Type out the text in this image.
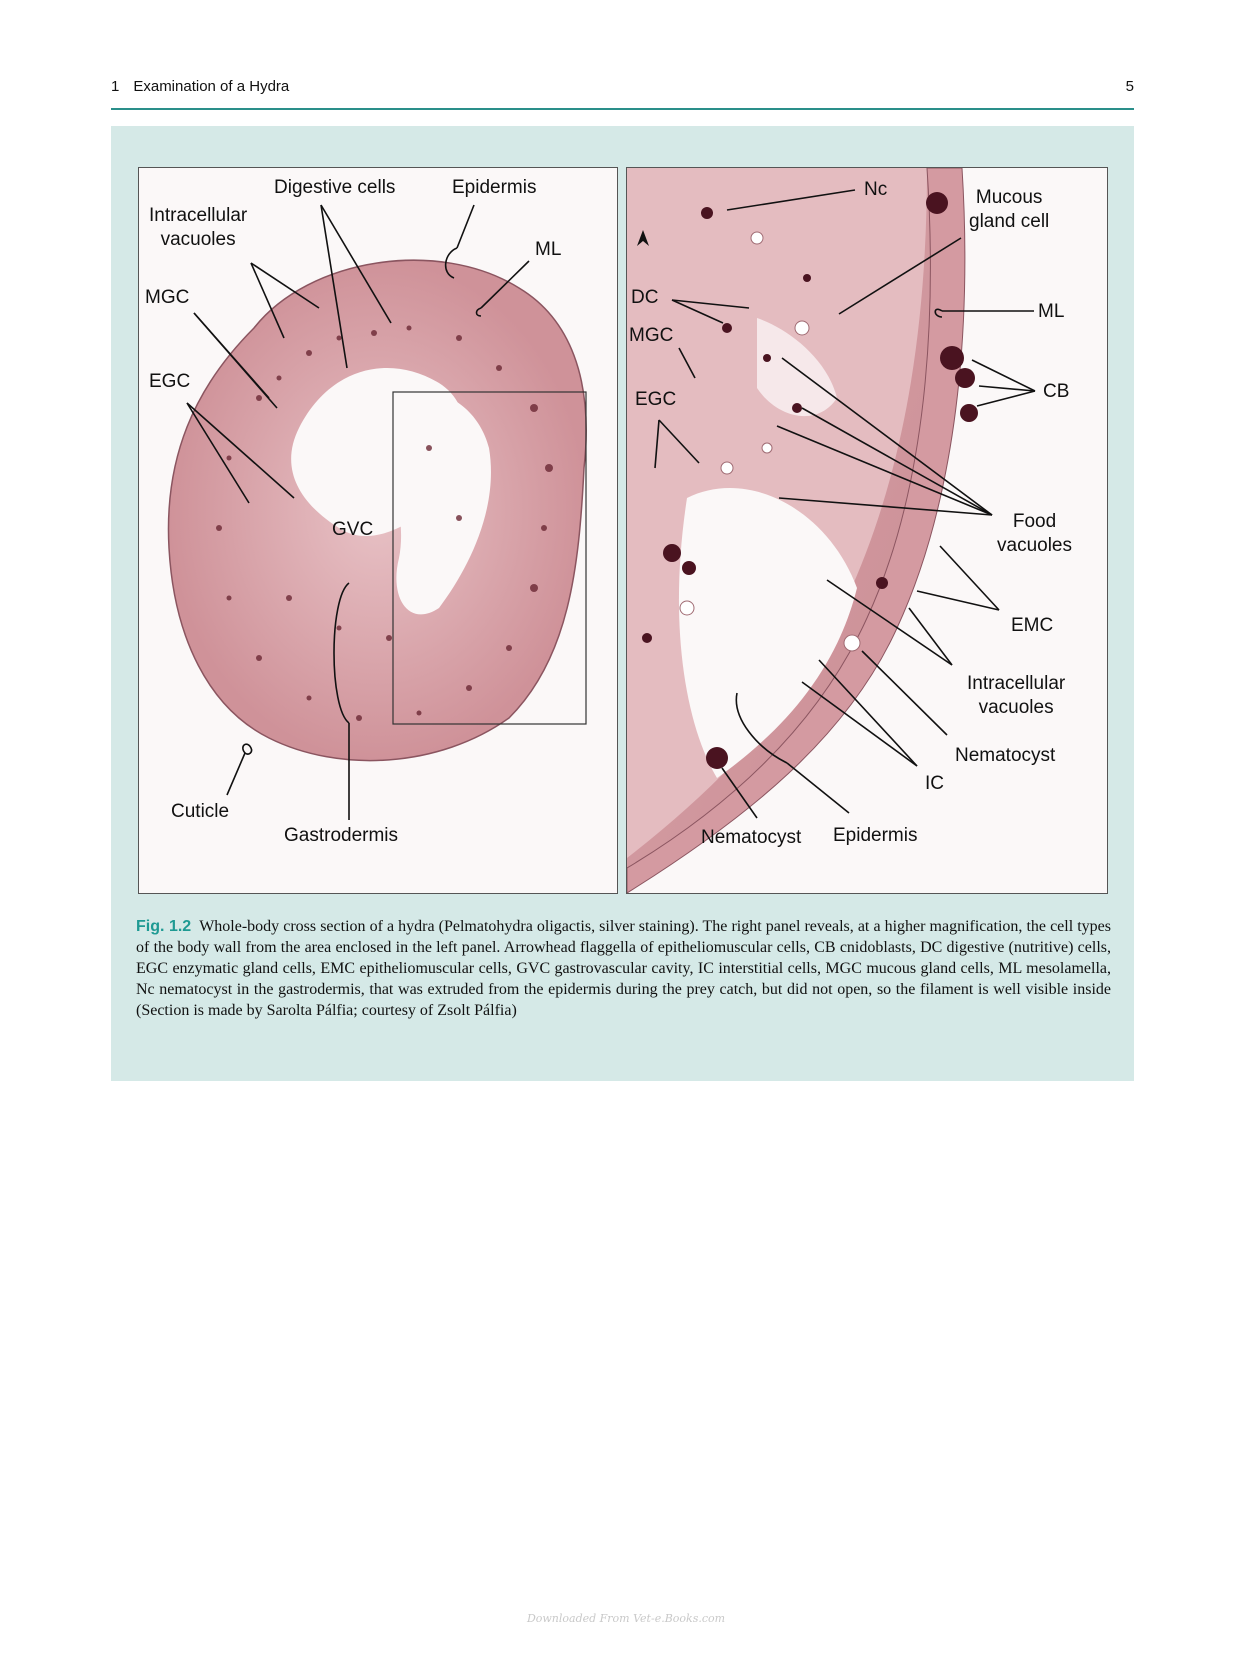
1 Examination of a Hydra	5
Digestive cells	Epidermis
Intracellular
vacuoles	ML
MGC
EGC
GVC
Cuticle
Gastrodermis
Nc	Mucous
gland cell
DC
MGC
ML
EGC	CB
Food
vacuoles
EMC
Intracellular
vacuoles
Nematocyst
IC
Nematocyst Epidermis
Fig. 1.2 Whole-body cross section of a hydra (Pelmatohydra oligactis, silver staining). The right panel reveals, at a higher magnification, the cell types of the body wall from the area enclosed in the left panel. Arrowhead flaggella of epitheliomuscular cells, CB cnidoblasts, DC digestive (nutritive) cells, EGC enzymatic gland cells, EMC epitheliomuscular cells, GVC gastrovascular cavity, IC interstitial cells, MGC mucous gland cells, ML mesolamella, Nc nematocyst in the gastrodermis, that was extruded from the epidermis during the prey catch, but did not open, so the filament is well visible inside (Section is made by Sarolta Pálfia; courtesy of Zsolt Pálfia)
Downloaded From Vet-e.Books.com
